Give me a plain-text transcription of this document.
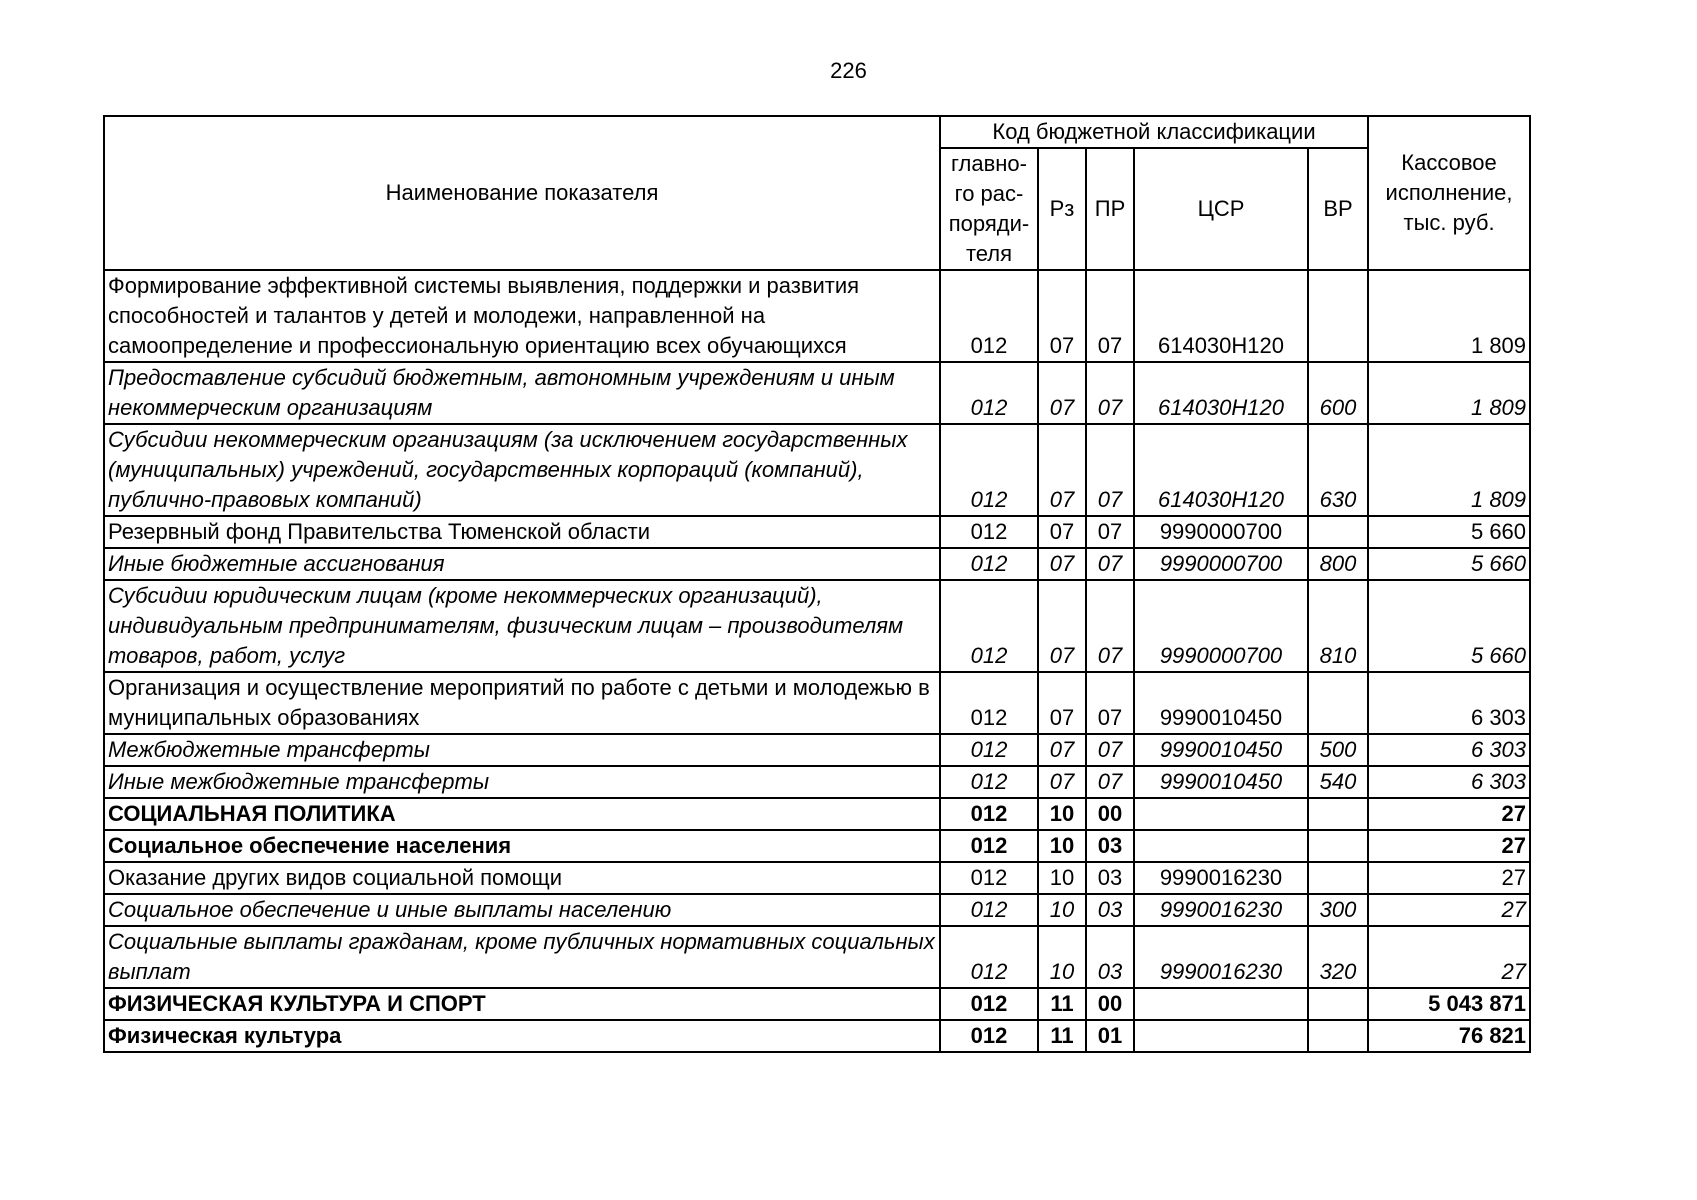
226
Наименование показателя	Код бюджетной классификации					Кассовое
исполнение,
тыс. руб.
	главно-
го рас-
поряди-
теля	Рз	ПР	ЦСР	ВР	
Формирование эффективной системы выявления, поддержки и развития способностей и талантов у детей и молодежи, направленной на самоопределение и профессиональную ориентацию всех обучающихся	012	07	07	614030Н120		1 809
Предоставление субсидий бюджетным, автономным учреждениям и иным некоммерческим организациям	012	07	07	614030Н120	600	1 809
Субсидии некоммерческим организациям (за исключением государственных (муниципальных) учреждений, государственных корпораций (компаний), публично-правовых компаний)	012	07	07	614030Н120	630	1 809
Резервный фонд Правительства Тюменской области	012	07	07	9990000700		5 660
Иные бюджетные ассигнования	012	07	07	9990000700	800	5 660
Субсидии юридическим лицам (кроме некоммерческих организаций), индивидуальным предпринимателям, физическим лицам – производителям товаров, работ, услуг	012	07	07	9990000700	810	5 660
Организация и осуществление мероприятий по работе с детьми и молодежью в муниципальных образованиях	012	07	07	9990010450		6 303
Межбюджетные трансферты	012	07	07	9990010450	500	6 303
Иные межбюджетные трансферты	012	07	07	9990010450	540	6 303
СОЦИАЛЬНАЯ ПОЛИТИКА	012	10	00			27
Социальное обеспечение населения	012	10	03			27
Оказание других видов социальной помощи	012	10	03	9990016230		27
Социальное обеспечение и иные выплаты населению	012	10	03	9990016230	300	27
Социальные выплаты гражданам, кроме публичных нормативных социальных выплат	012	10	03	9990016230	320	27
ФИЗИЧЕСКАЯ КУЛЬТУРА И СПОРТ	012	11	00			5 043 871
Физическая культура	012	11	01			76 821
